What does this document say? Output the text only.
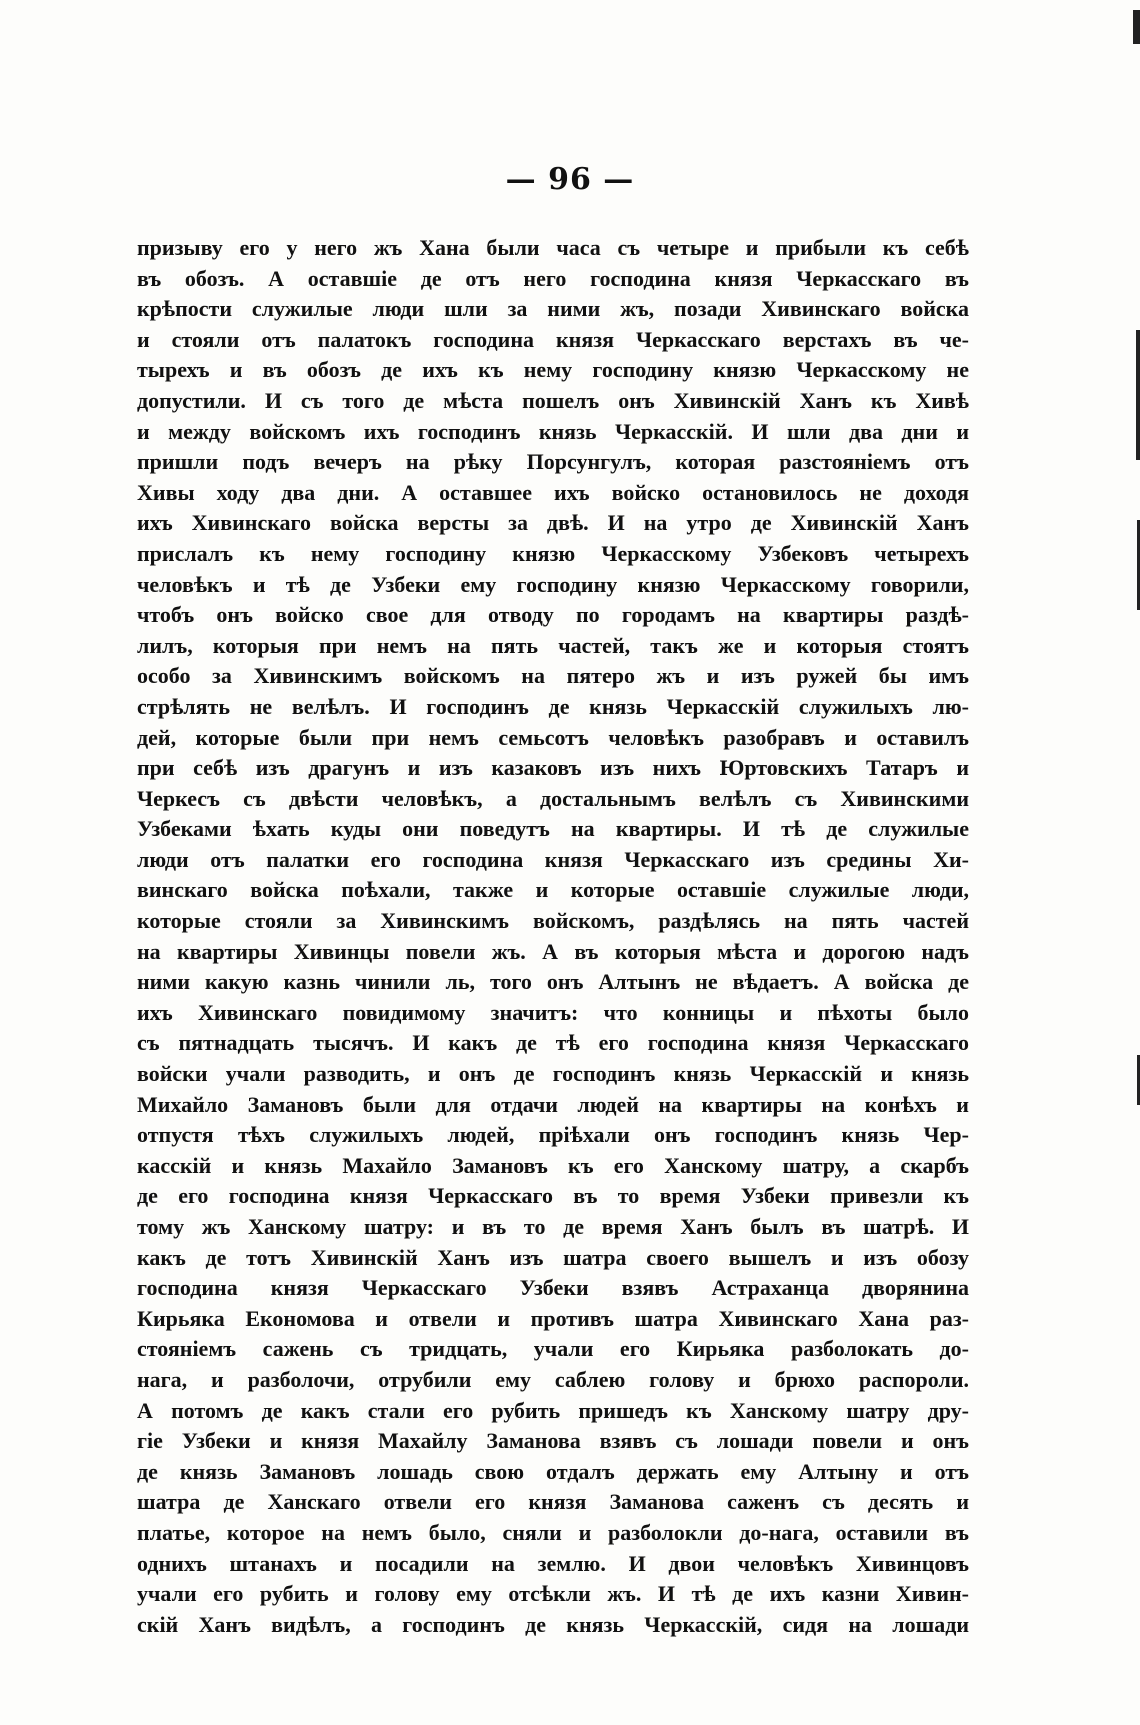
— 96 —
призыву его у него жъ Хана были часа съ четыре и прибыли къ себѣ
въ обозъ. А оставшіе де отъ него господина князя Черкасскаго въ
крѣпости служилые люди шли за ними жъ, позади Хивинскаго войска
и стояли отъ палатокъ господина князя Черкасскаго верстахъ въ че-
тырехъ и въ обозъ де ихъ къ нему господину князю Черкасскому не
допустили. И съ того де мѣста пошелъ онъ Хивинскій Ханъ къ Хивѣ
и между войскомъ ихъ господинъ князь Черкасскій. И шли два дни и
пришли подъ вечеръ на рѣку Порсунгулъ, которая разстояніемъ отъ
Хивы ходу два дни. А оставшее ихъ войско остановилось не доходя
ихъ Хивинскаго войска версты за двѣ. И на утро де Хивинскій Ханъ
прислалъ къ нему господину князю Черкасскому Узбековъ четырехъ
человѣкъ и тѣ де Узбеки ему господину князю Черкасскому говорили,
чтобъ онъ войско свое для отводу по городамъ на квартиры раздѣ-
лилъ, которыя при немъ на пять частей, такъ же и которыя стоятъ
особо за Хивинскимъ войскомъ на пятеро жъ и изъ ружей бы имъ
стрѣлять не велѣлъ. И господинъ де князь Черкасскій служилыхъ лю-
дей, которые были при немъ семьсотъ человѣкъ разобравъ и оставилъ
при себѣ изъ драгунъ и изъ казаковъ изъ нихъ Юртовскихъ Татаръ и
Черкесъ съ двѣсти человѣкъ, а достальнымъ велѣлъ съ Хивинскими
Узбеками ѣхать куды они поведутъ на квартиры. И тѣ де служилые
люди отъ палатки его господина князя Черкасскаго изъ средины Хи-
винскаго войска поѣхали, также и которые оставшіе служилые люди,
которые стояли за Хивинскимъ войскомъ, раздѣлясь на пять частей
на квартиры Хивинцы повели жъ. А въ которыя мѣста и дорогою надъ
ними какую казнь чинили ль, того онъ Алтынъ не вѣдаетъ. А войска де
ихъ Хивинскаго повидимому значитъ: что конницы и пѣхоты было
съ пятнадцать тысячъ. И какъ де тѣ его господина князя Черкасскаго
войски учали разводить, и онъ де господинъ князь Черкасскій и князь
Михайло Замановъ были для отдачи людей на квартиры на конѣхъ и
отпустя тѣхъ служилыхъ людей, пріѣхали онъ господинъ князь Чер-
касскій и князь Махайло Замановъ къ его Ханскому шатру, а скарбъ
де его господина князя Черкасскаго въ то время Узбеки привезли къ
тому жъ Ханскому шатру: и въ то де время Ханъ былъ въ шатрѣ. И
какъ де тотъ Хивинскій Ханъ изъ шатра своего вышелъ и изъ обозу
господина князя Черкасскаго Узбеки взявъ Астраханца дворянина
Кирьяка Економова и отвели и противъ шатра Хивинскаго Хана раз-
стояніемъ сажень съ тридцать, учали его Кирьяка разболокать до-
нага, и разболочи, отрубили ему саблею голову и брюхо распороли.
А потомъ де какъ стали его рубить пришедъ къ Ханскому шатру дру-
гіе Узбеки и князя Махайлу Заманова взявъ съ лошади повели и онъ
де князь Замановъ лошадь свою отдалъ держать ему Алтыну и отъ
шатра де Ханскаго отвели его князя Заманова саженъ съ десять и
платье, которое на немъ было, сняли и разболокли до-нага, оставили въ
однихъ штанахъ и посадили на землю. И двои человѣкъ Хивинцовъ
учали его рубить и голову ему отсѣкли жъ. И тѣ де ихъ казни Хивин-
скій Ханъ видѣлъ, а господинъ де князь Черкасскій, сидя на лошади
